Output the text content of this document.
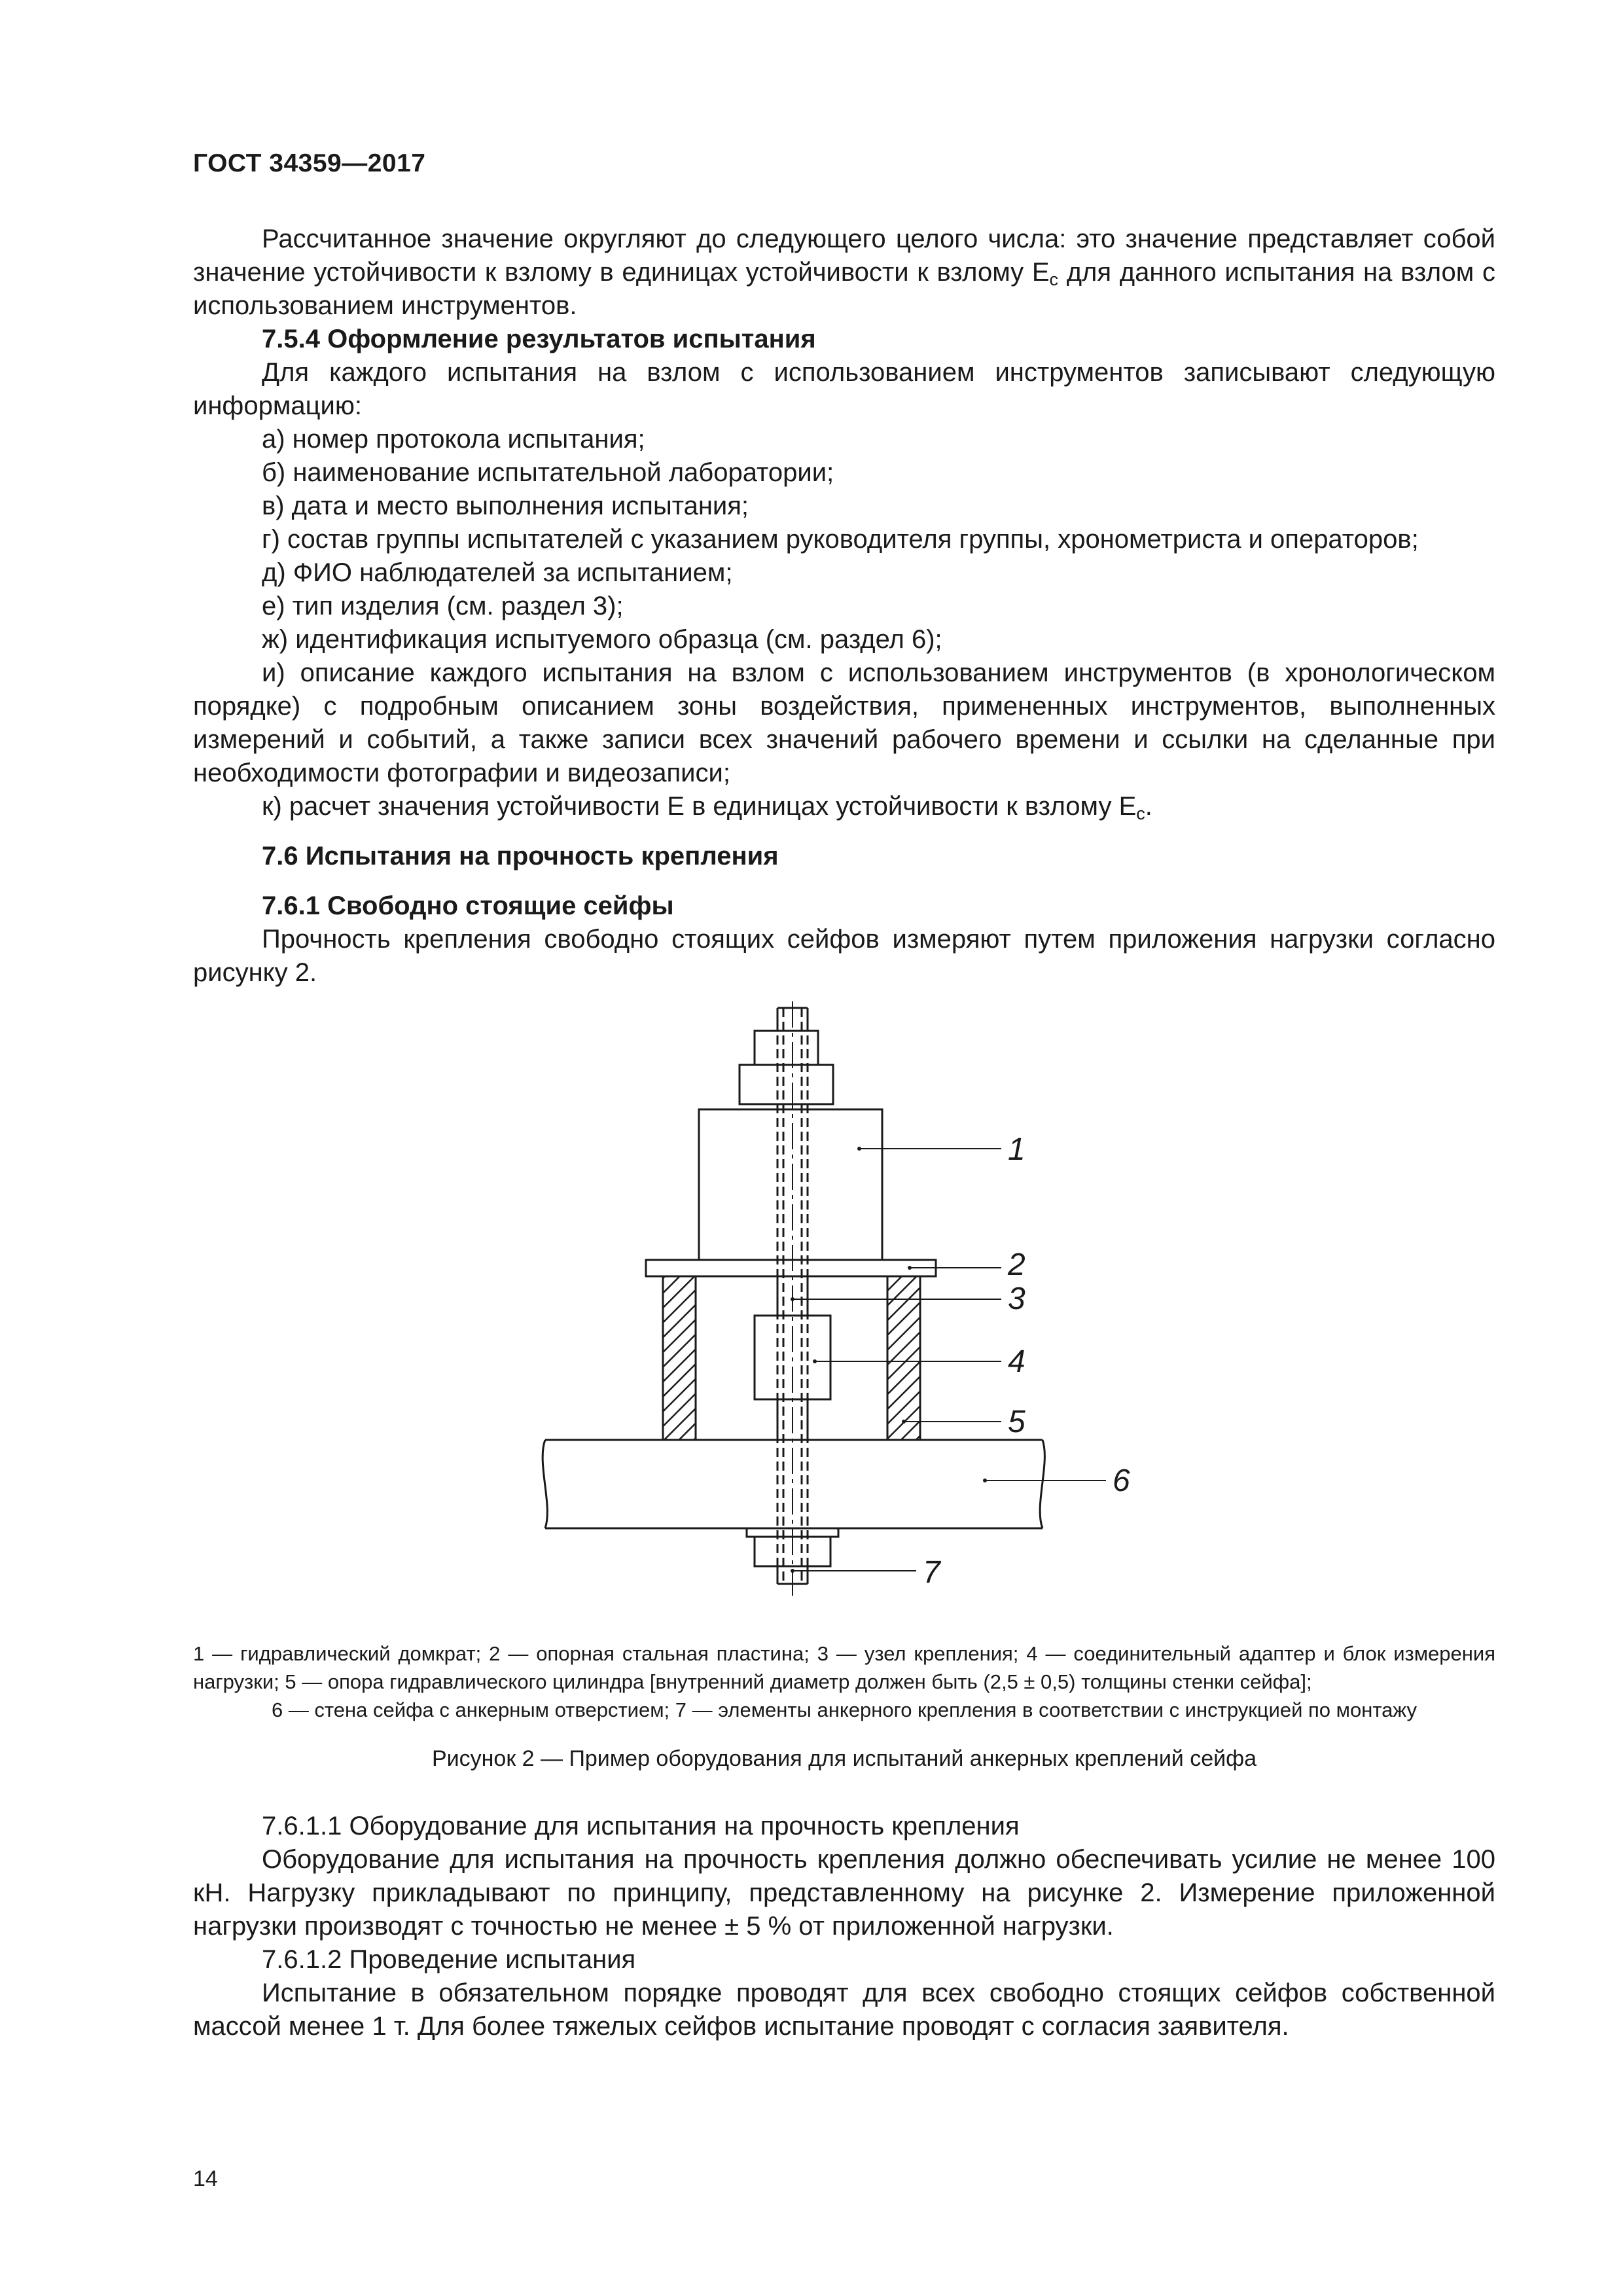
ГОСТ 34359—2017

Рассчитанное значение округляют до следующего целого числа: это значение представляет собой значение устойчивости к взлому в единицах устойчивости к взлому $E_c$ для данного испытания на взлом с использованием инструментов.

7.5.4 Оформление результатов испытания

Для каждого испытания на взлом с использованием инструментов записывают следующую информацию:

а) номер протокола испытания;

б) наименование испытательной лаборатории;

в) дата и место выполнения испытания;

г) состав группы испытателей с указанием руководителя группы, хронометриста и операторов;

д) ФИО наблюдателей за испытанием;

е) тип изделия (см. раздел 3);

ж) идентификация испытуемого образца (см. раздел 6);

и) описание каждого испытания на взлом с использованием инструментов (в хронологическом порядке) с подробным описанием зоны воздействия, примененных инструментов, выполненных измерений и событий, а также записи всех значений рабочего времени и ссылки на сделанные при необходимости фотографии и видеозаписи;

к) расчет значения устойчивости E в единицах устойчивости к взлому $E_c$.

7.6 Испытания на прочность крепления

7.6.1 Свободно стоящие сейфы

Прочность крепления свободно стоящих сейфов измеряют путем приложения нагрузки согласно рисунку 2.

1
2
3
4
5
6
7
1 — гидравлический домкрат; 2 — опорная стальная пластина; 3 — узел крепления; 4 — соединительный адаптер и блок измерения нагрузки; 5 — опора гидравлического цилиндра [внутренний диаметр должен быть (2,5 ± 0,5) толщины стенки сейфа];
6 — стена сейфа с анкерным отверстием; 7 — элементы анкерного крепления в соответствии с инструкцией по монтажу
Рисунок 2 — Пример оборудования для испытаний анкерных креплений сейфа

7.6.1.1 Оборудование для испытания на прочность крепления

Оборудование для испытания на прочность крепления должно обеспечивать усилие не менее 100 кН. Нагрузку прикладывают по принципу, представленному на рисунке 2. Измерение приложенной нагрузки производят с точностью не менее ± 5 % от приложенной нагрузки.

7.6.1.2 Проведение испытания

Испытание в обязательном порядке проводят для всех свободно стоящих сейфов собственной массой менее 1 т. Для более тяжелых сейфов испытание проводят с согласия заявителя.

14
